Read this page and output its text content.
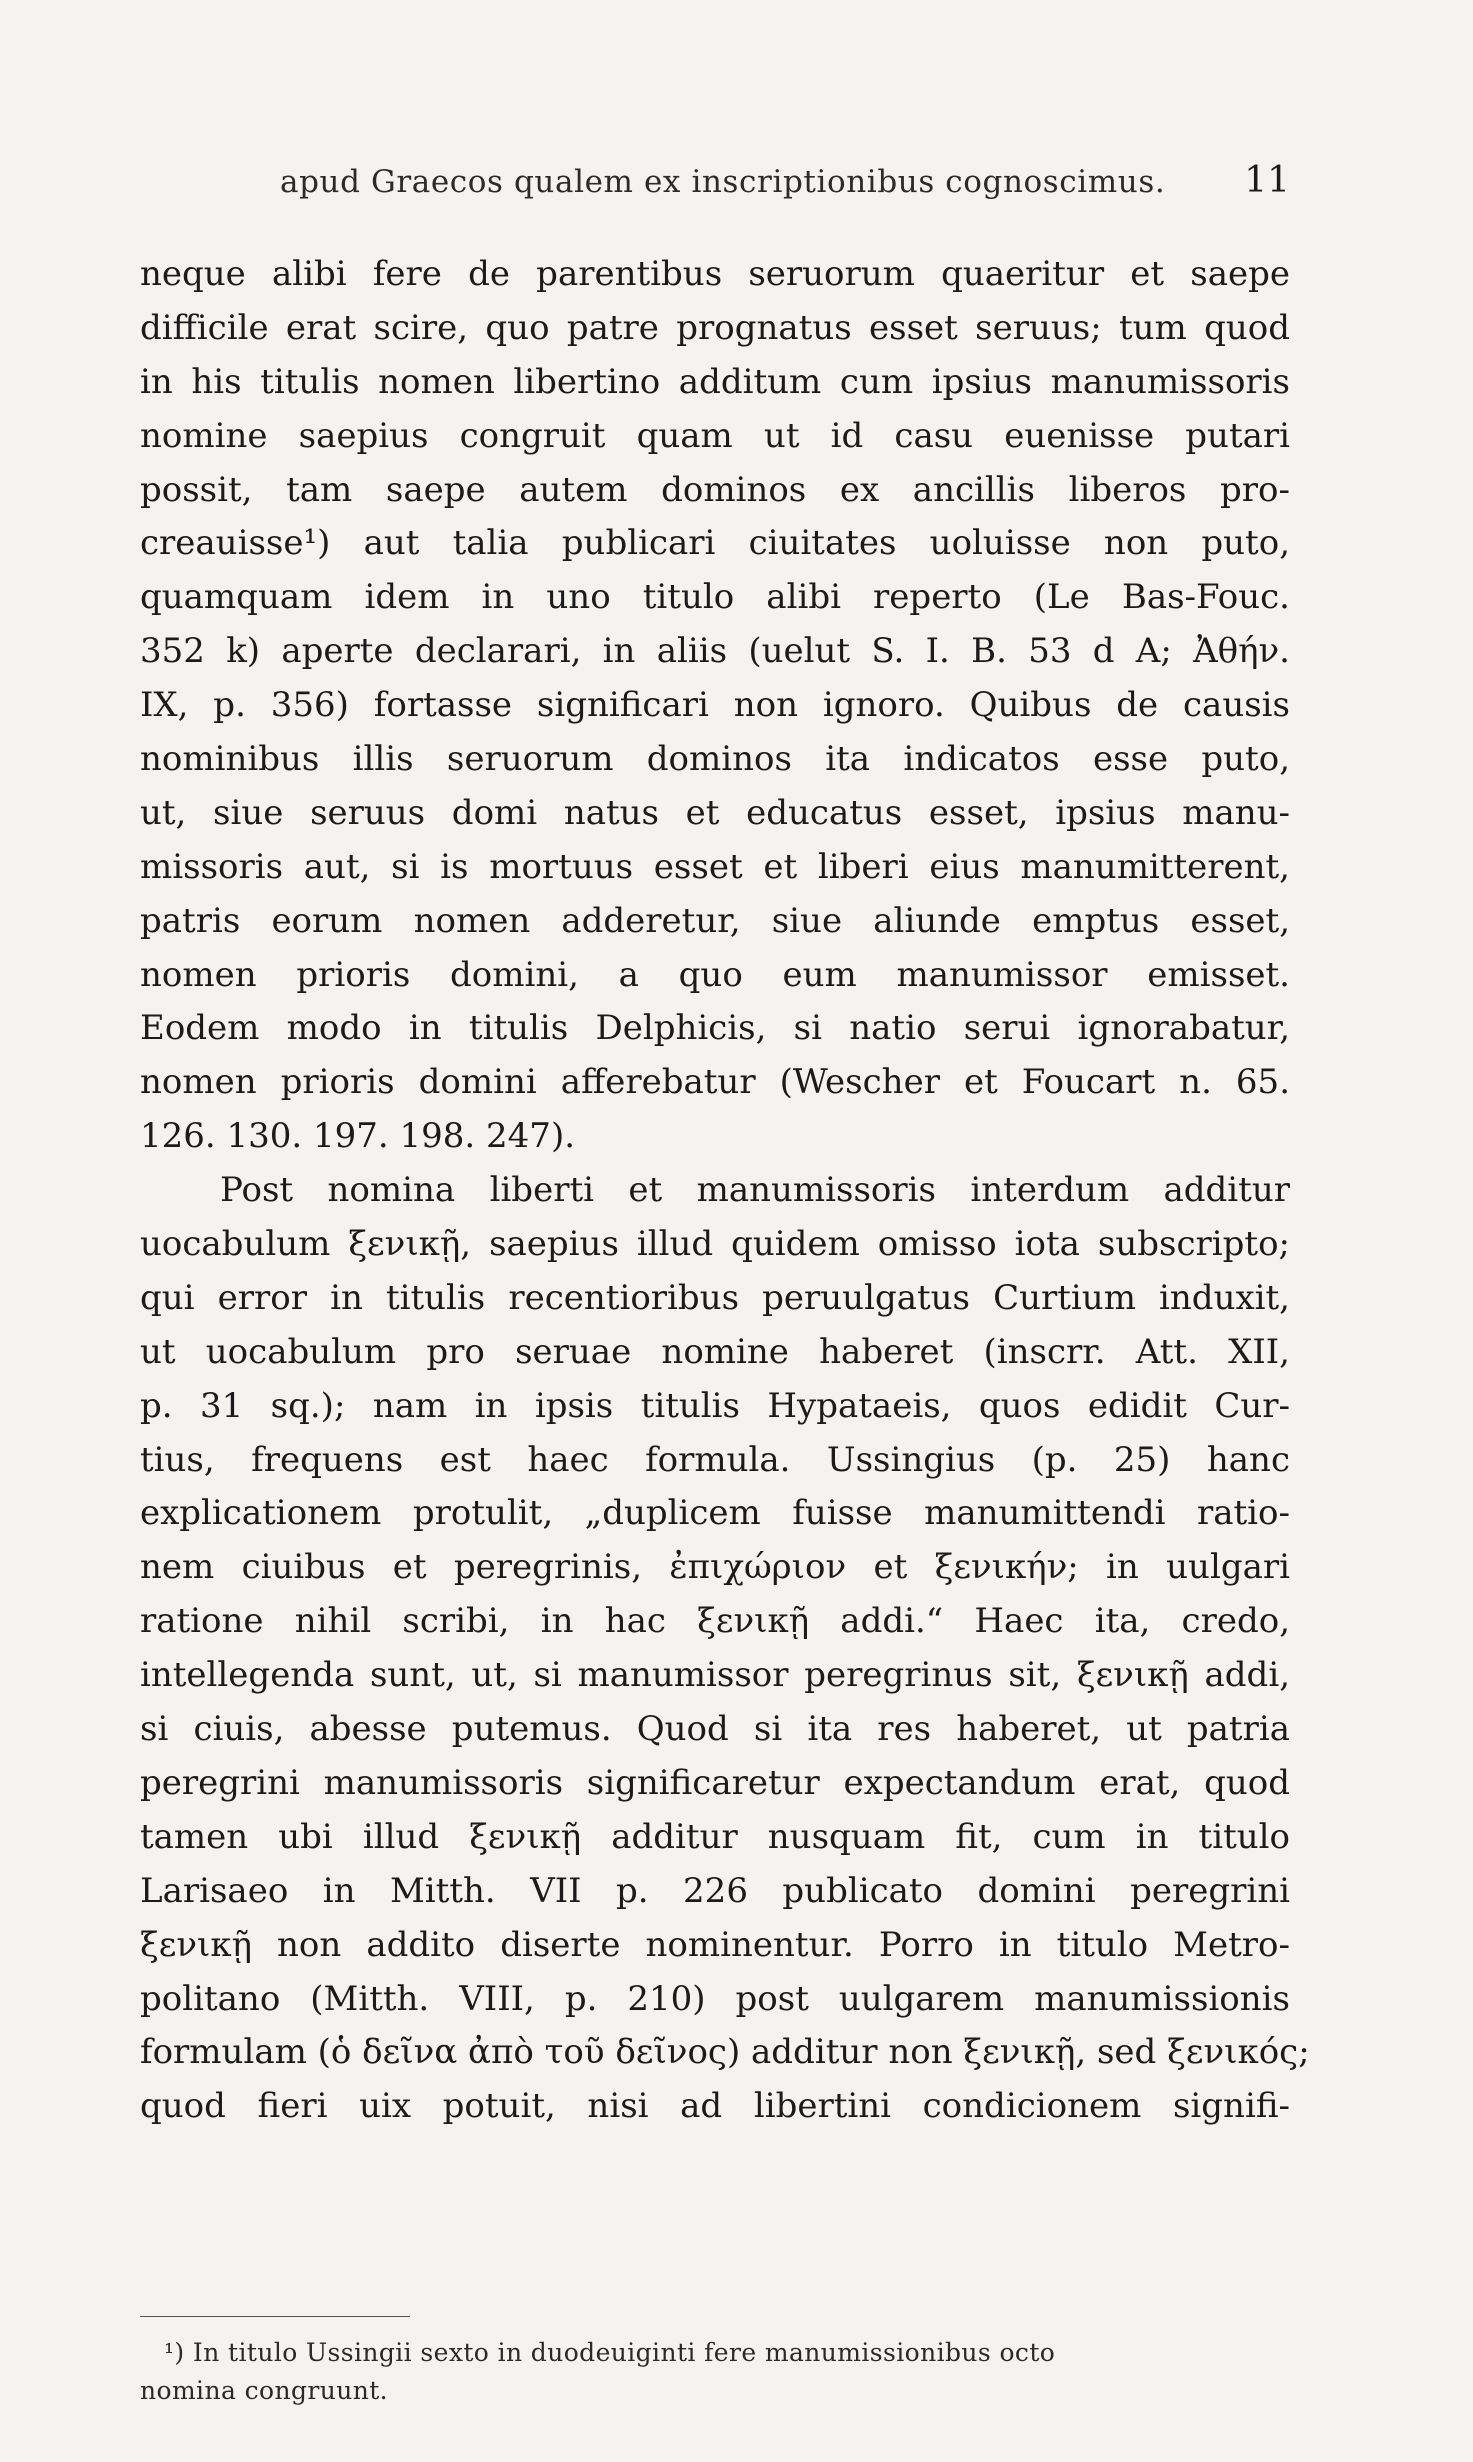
apud Graecos qualem ex inscriptionibus cognoscimus. 11
neque alibi fere de parentibus seruorum quaeritur et saepe
difficile erat scire, quo patre prognatus esset seruus; tum quod
in his titulis nomen libertino additum cum ipsius manumissoris
nomine saepius congruit quam ut id casu euenisse putari
possit, tam saepe autem dominos ex ancillis liberos pro-
creauisse¹) aut talia publicari ciuitates uoluisse non puto,
quamquam idem in uno titulo alibi reperto (Le Bas-Fouc.
352 k) aperte declarari, in aliis (uelut S. I. B. 53 d A; Ἀθήν.
IX, p. 356) fortasse significari non ignoro. Quibus de causis
nominibus illis seruorum dominos ita indicatos esse puto,
ut, siue seruus domi natus et educatus esset, ipsius manu-
missoris aut, si is mortuus esset et liberi eius manumitterent,
patris eorum nomen adderetur, siue aliunde emptus esset,
nomen prioris domini, a quo eum manumissor emisset.
Eodem modo in titulis Delphicis, si natio serui ignorabatur,
nomen prioris domini afferebatur (Wescher et Foucart n. 65.
126. 130. 197. 198. 247).
Post nomina liberti et manumissoris interdum additur
uocabulum ξενικῇ, saepius illud quidem omisso iota subscripto;
qui error in titulis recentioribus peruulgatus Curtium induxit,
ut uocabulum pro seruae nomine haberet (inscrr. Att. XII,
p. 31 sq.); nam in ipsis titulis Hypataeis, quos edidit Cur-
tius, frequens est haec formula. Ussingius (p. 25) hanc
explicationem protulit, „duplicem fuisse manumittendi ratio-
nem ciuibus et peregrinis, ἐπιχώριον et ξενικήν; in uulgari
ratione nihil scribi, in hac ξενικῇ addi.“ Haec ita, credo,
intellegenda sunt, ut, si manumissor peregrinus sit, ξενικῇ addi,
si ciuis, abesse putemus. Quod si ita res haberet, ut patria
peregrini manumissoris significaretur expectandum erat, quod
tamen ubi illud ξενικῇ additur nusquam fit, cum in titulo
Larisaeo in Mitth. VII p. 226 publicato domini peregrini
ξενικῇ non addito diserte nominentur. Porro in titulo Metro-
politano (Mitth. VIII, p. 210) post uulgarem manumissionis
formulam (ὁ δεῖνα ἀπὸ τοῦ δεῖνος) additur non ξενικῇ, sed ξενικός;
quod fieri uix potuit, nisi ad libertini condicionem signifi-
¹) In titulo Ussingii sexto in duodeuiginti fere manumissionibus octo
nomina congruunt.
